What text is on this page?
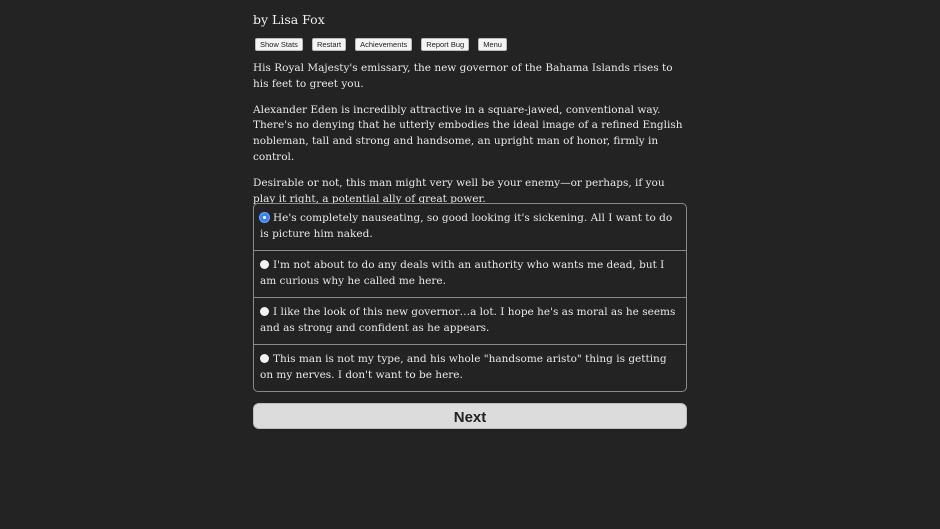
by Lisa Fox
Show Stats	Restart	Achievements	Report Bug	Menu

His Royal Majesty's emissary, the new governor of the Bahama Islands rises to his feet to greet you.

Alexander Eden is incredibly attractive in a square-jawed, conventional way. There's no denying that he utterly embodies the ideal image of a refined English nobleman, tall and strong and handsome, an upright man of honor, firmly in control.

Desirable or not, this man might very well be your enemy—or perhaps, if you play it right, a potential ally of great power.

He's completely nauseating, so good looking it's sickening. All I want to do is picture him naked.
I'm not about to do any deals with an authority who wants me dead, but I am curious why he called me here.
I like the look of this new governor…a lot. I hope he's as moral as he seems and as strong and confident as he appears.
This man is not my type, and his whole "handsome aristo" thing is getting on my nerves. I don't want to be here.
Next
